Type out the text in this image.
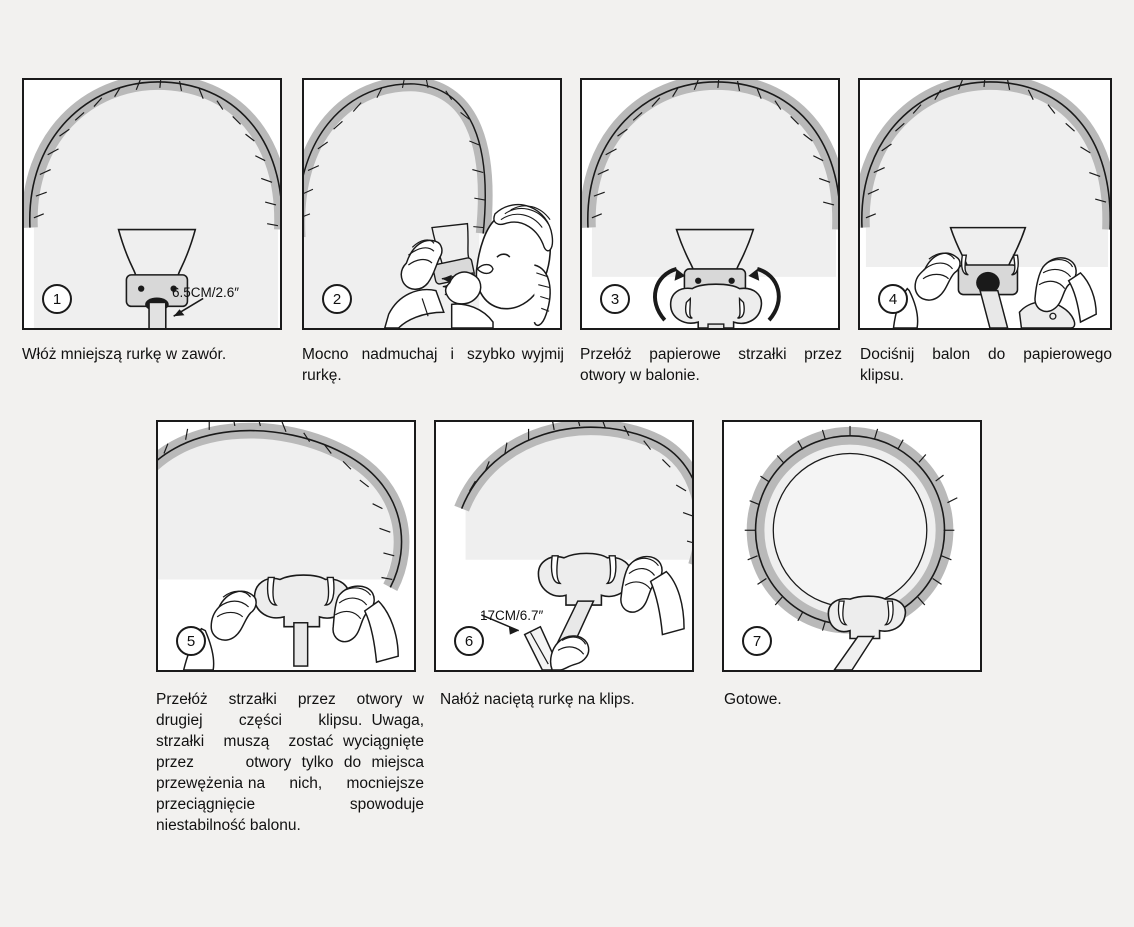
1	6.5CM/2.6″
Włóż mniejszą rurkę w zawór.
2
Mocno  nadmuchaj  i  szybko wyjmij rurkę.
3
Przełóż papierowe strzałki przez otwory w balonie.
4
Dociśnij balon do papierowego klipsu.
5
Przełóż  strzałki  przez  otwory w    drugiej    części    klipsu. Uwaga,  strzałki  muszą  zostać wyciągnięte     przez     otwory tylko do miejsca przewężenia na     nich,     mocniejsze przeciągnięcie         spowoduje niestabilność balonu.
6
17CM/6.7″
Nałóż naciętą rurkę na klips.
7
Gotowe.
